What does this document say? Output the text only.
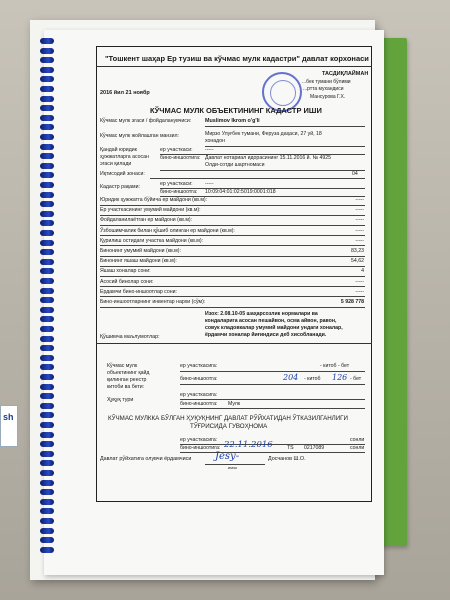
sh
"Тошкент шаҳар Ер тузиш ва кўчмас мулк кадастри" давлат корхонаси
ТАСДИҚЛАЙМАН
...бек тумани бўлими
...ртта мухандиси
Мансурова Г.Х.
2016 йил 21 ноябр
КЎЧМАС МУЛК ОБЪЕКТИНИНГ КАДАСТР ИШИ
Кўчмас мулк эгаси / фойдаланувчиси:	Muslimov Ikrom o'g'li
Кўчмас мулк жойлашган манзил:	Мирзо Улуғбек тумани, Феруза даҳаси, 27 уй, 18
хонадон
Қандай юридик
ҳужжатларга асосан
эгаси қилади
ер участкаси: -----
бино-иншоотига: Давлат нотариал идорасининг 15.11.2016 й. № 4925
Олди-сотди шартномаси
Иқтисодий зонаси:	04
Кадастр рақами:	ер участкаси: -----
бино-иншоотга: 10:09:04:01:02:5019:0001:018
Юридик ҳужжатга бўйича ер майдони (кв.м):	-----
Ер участкасининг умумий майдони (кв.м):	-----
Фойдаланилаётган ер майдони (кв.м):	-----
Ўзбошимчалик билан қўшиб олинган ер майдони (кв.м):	-----
Қурилиш остидаги участка майдони (кв.м):	-----
Бинонинг умумий майдони (кв.м):	83,23
Бинонинг яшаш майдони (кв.м):	54,62
Яшаш хоналар сони:	4
Асосий бинолар сони:	-----
Ердамчи бино-иншоотлар сони:	-----
Бино-иншоотларнинг инвентар нархи (сўм):	5 928 778
Қўшимча маълумотлар:
Изох: 2.08.10-05 шаҳарсозлик нормалари ва
кондаларига асосан пешайвон, осма айвон, равон,
совук кладовкалар умумий майдони ундаги хоналар,
ёрдамчи хоналар йиғиндиси деб хисобланади.
Кўчмас мулк
объектининг қайд
қилинган реестр
китоби ва бети:
ер участкасига:	- китоб - бет
бино-иншоотга:	204 - китоб 126 - бет
Ҳуқуқ тури
ер участкасига:
бино-иншоотга: Мулк
КЎЧМАС МУЛККА БЎЛГАН ҲУҚУҚНИНГ ДАВЛАТ РЎЙХАТИДАН ЎТКАЗИЛГАНЛИГИ
ТЎҒРИСИДА ГУВОҲНОМА
ер участкасига:	сонли
бино-иншоотига: 22.11.2016	TS 0217089	сонли
Давлат рўйхатига олувчи ёрдамчиси Jesy-
имзо
Досчанов Ш.О.
